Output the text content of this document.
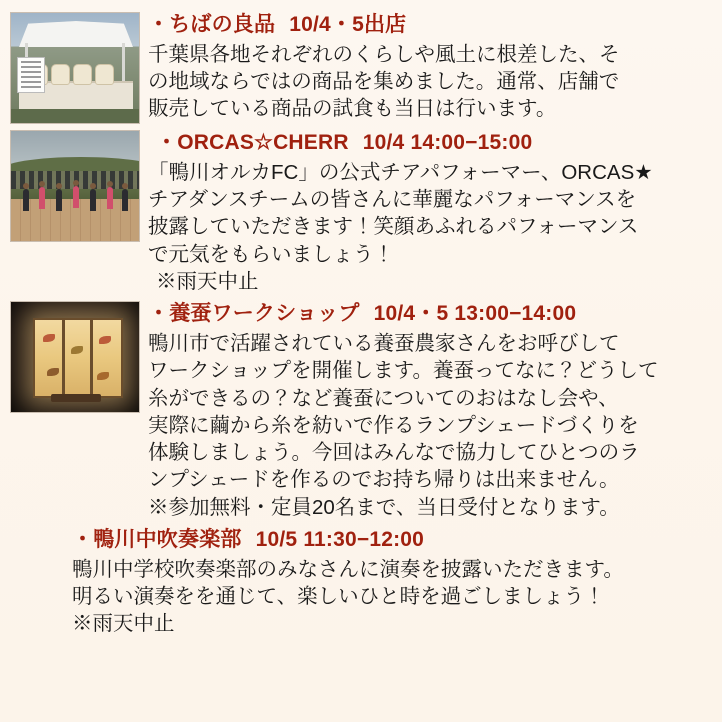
・ちばの良品 10/4・5出店
千葉県各地それぞれのくらしや風土に根差した、そ
の地域ならではの商品を集めました。通常、店舗で
販売している商品の試食も当日は行います。
・ORCAS☆CHERR 10/4 14:00−15:00
「鴨川オルカFC」の公式チアパフォーマー、ORCAS★
チアダンスチームの皆さんに華麗なパフォーマンスを
披露していただきます！笑顔あふれるパフォーマンス
で元気をもらいましょう！
※雨天中止
・養蚕ワークショップ 10/4・5 13:00−14:00
鴨川市で活躍されている養蚕農家さんをお呼びして
ワークショップを開催します。養蚕ってなに？どうして
糸ができるの？など養蚕についてのおはなし会や、
実際に繭から糸を紡いで作るランプシェードづくりを
体験しましょう。今回はみんなで協力してひとつのラ
ンプシェードを作るのでお持ち帰りは出来ません。
※参加無料・定員20名まで、当日受付となります。
・鴨川中吹奏楽部 10/5 11:30−12:00
鴨川中学校吹奏楽部のみなさんに演奏を披露いただきます。
明るい演奏をを通じて、楽しいひと時を過ごしましょう！
※雨天中止
